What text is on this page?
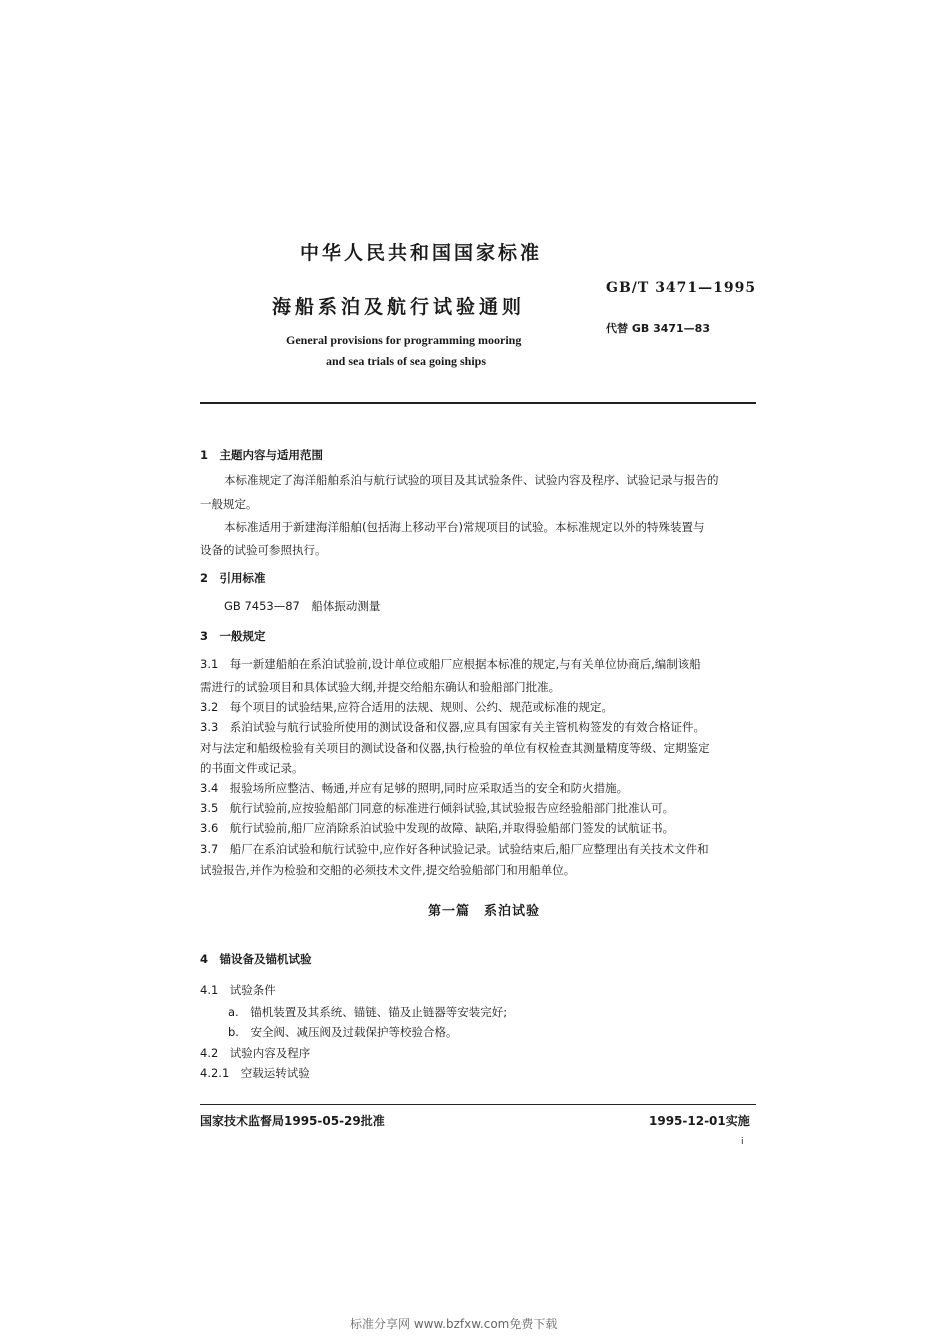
中华人民共和国国家标准
GB/T 3471—1995
海船系泊及航行试验通则
代替 GB 3471—83
General provisions for programming mooring
and sea trials of sea going ships
1　主题内容与适用范围
本标准规定了海洋船舶系泊与航行试验的项目及其试验条件、试验内容及程序、试验记录与报告的
一般规定。
本标准适用于新建海洋船舶(包括海上移动平台)常规项目的试验。本标准规定以外的特殊装置与
设备的试验可参照执行。
2　引用标准
GB 7453—87　船体振动测量
3　一般规定
3.1　每一新建船舶在系泊试验前,设计单位或船厂应根据本标准的规定,与有关单位协商后,编制该船
需进行的试验项目和具体试验大纲,并提交给船东确认和验船部门批准。
3.2　每个项目的试验结果,应符合适用的法规、规则、公约、规范或标准的规定。
3.3　系泊试验与航行试验所使用的测试设备和仪器,应具有国家有关主管机构签发的有效合格证件。
对与法定和船级检验有关项目的测试设备和仪器,执行检验的单位有权检查其测量精度等级、定期鉴定
的书面文件或记录。
3.4　报验场所应整洁、畅通,并应有足够的照明,同时应采取适当的安全和防火措施。
3.5　航行试验前,应按验船部门同意的标准进行倾斜试验,其试验报告应经验船部门批准认可。
3.6　航行试验前,船厂应消除系泊试验中发现的故障、缺陷,并取得验船部门签发的试航证书。
3.7　船厂在系泊试验和航行试验中,应作好各种试验记录。试验结束后,船厂应整理出有关技术文件和
试验报告,并作为检验和交船的必须技术文件,提交给验船部门和用船单位。
第一篇　系泊试验
4　锚设备及锚机试验
4.1　试验条件
a.　锚机装置及其系统、锚链、锚及止链器等安装完好;
b.　安全阀、减压阀及过载保护等校验合格。
4.2　试验内容及程序
4.2.1　空载运转试验
国家技术监督局1995-05-29批准	1995-12-01实施
i
标准分享网 www.bzfxw.com免费下载
